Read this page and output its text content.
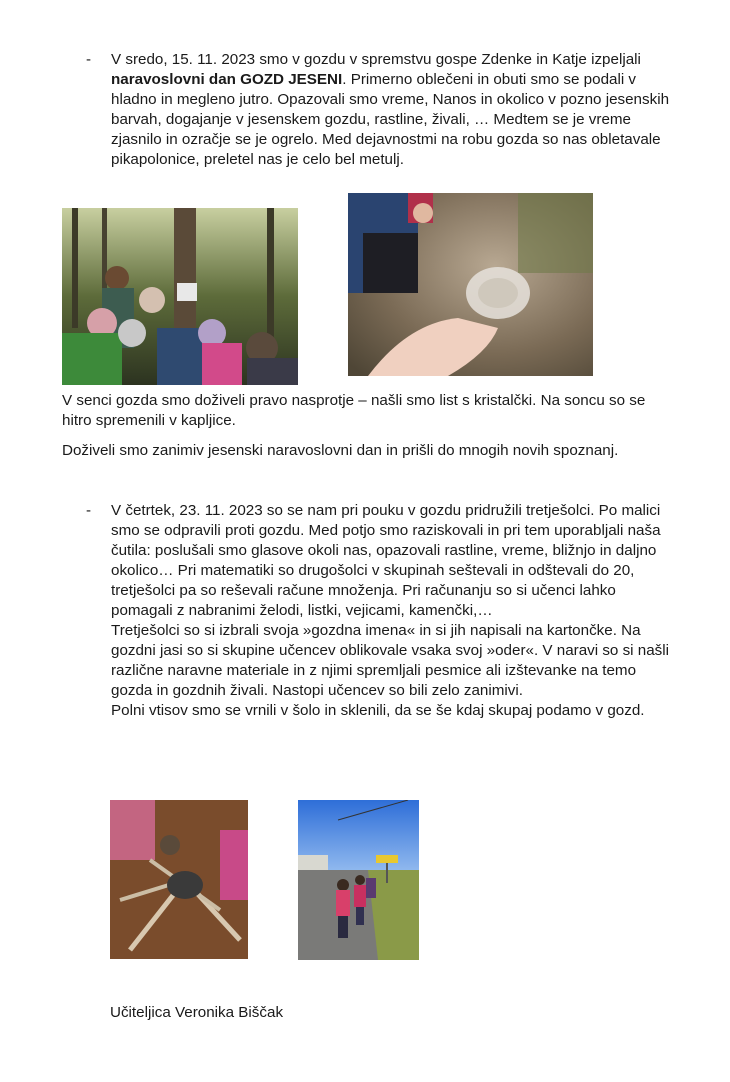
-	V sredo, 15. 11. 2023 smo v gozdu v spremstvu gospe Zdenke in Katje izpeljali naravoslovni dan GOZD JESENI. Primerno oblečeni in obuti smo se podali v hladno in megleno jutro. Opazovali smo vreme, Nanos in okolico v pozno jesenskih barvah, dogajanje v jesenskem gozdu, rastline, živali, … Medtem se je vreme zjasnilo in ozračje se je ogrelo. Med dejavnostmi na robu gozda so nas obletavale pikapolonice, preletel nas je celo bel metulj.

V senci gozda smo doživeli pravo nasprotje – našli smo list s kristalčki. Na soncu so se hitro spremenili v kapljice.

Doživeli smo zanimiv jesenski naravoslovni dan in prišli do mnogih novih spoznanj.

-	V četrtek, 23. 11. 2023 so se nam pri pouku v gozdu pridružili tretješolci. Po malici smo se odpravili proti gozdu. Med potjo smo raziskovali in pri tem uporabljali naša čutila: poslušali smo glasove okoli nas, opazovali rastline, vreme, bližnjo in daljno okolico… Pri matematiki so drugošolci v skupinah seštevali in odštevali do 20, tretješolci pa so reševali račune množenja. Pri računanju so si učenci lahko pomagali z nabranimi želodi, listki, vejicami, kamenčki,…

Tretješolci so si izbrali svoja »gozdna imena« in si jih napisali na kartončke. Na gozdni jasi so si skupine učencev oblikovale vsaka svoj »oder«. V naravi so si našli različne naravne materiale in z njimi spremljali pesmice ali izštevanke na temo gozda in gozdnih živali. Nastopi učencev so bili zelo zanimivi.

Polni vtisov smo se vrnili v šolo in sklenili, da se še kdaj skupaj podamo v gozd.

Učiteljica Veronika Biščak
